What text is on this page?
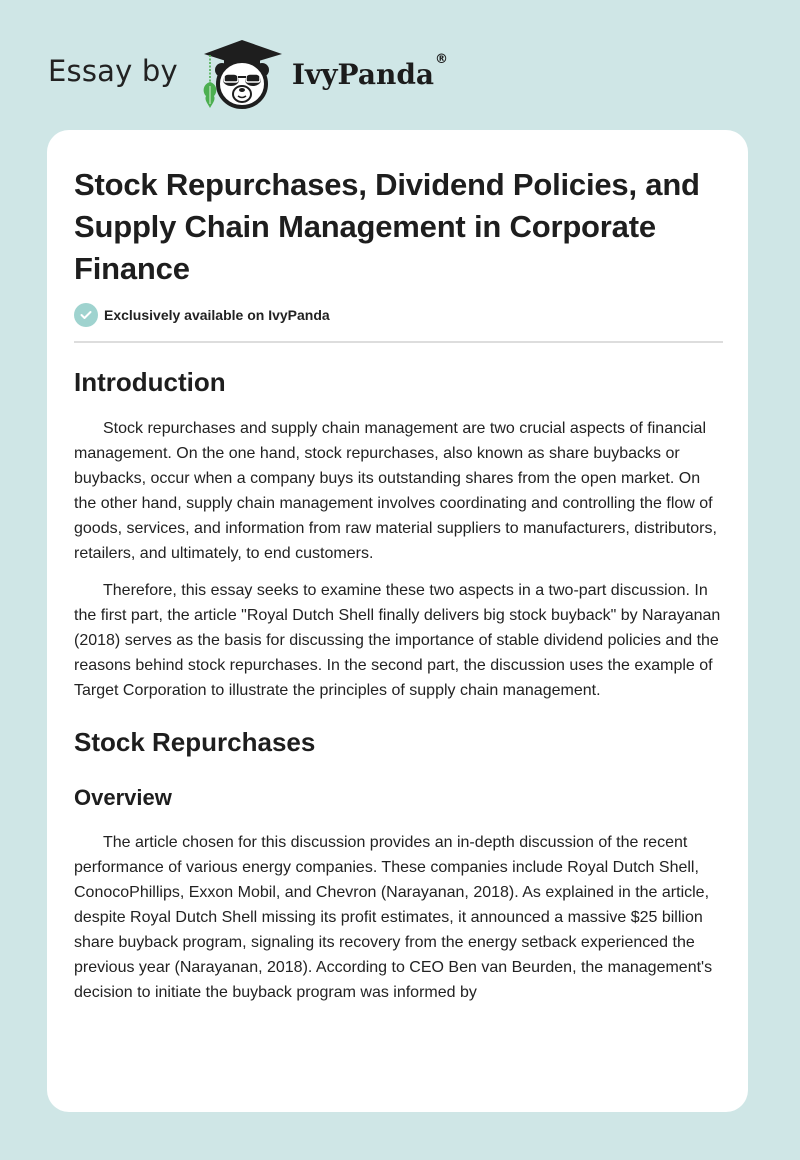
Essay by	IvyPanda®
Stock Repurchases, Dividend Policies, and Supply Chain Management in Corporate Finance
Exclusively available on IvyPanda
Introduction

Stock repurchases and supply chain management are two crucial aspects of financial management. On the one hand, stock repurchases, also known as share buybacks or buybacks, occur when a company buys its outstanding shares from the open market. On the other hand, supply chain management involves coordinating and controlling the flow of goods, services, and information from raw material suppliers to manufacturers, distributors, retailers, and ultimately, to end customers.

Therefore, this essay seeks to examine these two aspects in a two-part discussion. In the first part, the article "Royal Dutch Shell finally delivers big stock buyback" by Narayanan (2018) serves as the basis for discussing the importance of stable dividend policies and the reasons behind stock repurchases. In the second part, the discussion uses the example of Target Corporation to illustrate the principles of supply chain management.

Stock Repurchases
Overview

The article chosen for this discussion provides an in-depth discussion of the recent performance of various energy companies. These companies include Royal Dutch Shell, ConocoPhillips, Exxon Mobil, and Chevron (Narayanan, 2018). As explained in the article, despite Royal Dutch Shell missing its profit estimates, it announced a massive $25 billion share buyback program, signaling its recovery from the energy setback experienced the previous year (Narayanan, 2018). According to CEO Ben van Beurden, the management's decision to initiate the buyback program was informed by
